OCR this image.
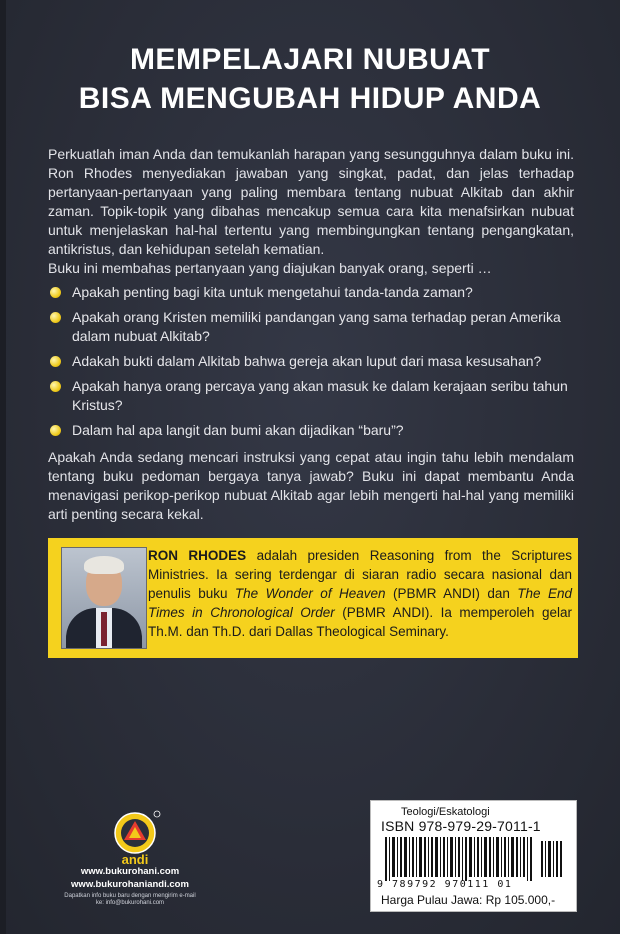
MEMPELAJARI NUBUAT
BISA MENGUBAH HIDUP ANDA
Perkuatlah iman Anda dan temukanlah harapan yang sesungguhnya dalam buku ini. Ron Rhodes menyediakan jawaban yang singkat, padat, dan jelas terhadap pertanyaan-pertanyaan yang paling membara tentang nubuat Alkitab dan akhir zaman. Topik-topik yang dibahas mencakup semua cara kita menafsirkan nubuat untuk menjelaskan hal-hal tertentu yang membingungkan tentang pengangkatan, antikristus, dan kehidupan setelah kematian.
Buku ini membahas pertanyaan yang diajukan banyak orang, seperti …
Apakah penting bagi kita untuk mengetahui tanda-tanda zaman?
Apakah orang Kristen memiliki pandangan yang sama terhadap peran Amerika dalam nubuat Alkitab?
Adakah bukti dalam Alkitab bahwa gereja akan luput dari masa kesusahan?
Apakah hanya orang percaya yang akan masuk ke dalam kerajaan seribu tahun Kristus?
Dalam hal apa langit dan bumi akan dijadikan “baru”?
Apakah Anda sedang mencari instruksi yang cepat atau ingin tahu lebih mendalam tentang buku pedoman bergaya tanya jawab? Buku ini dapat membantu Anda menavigasi perikop-perikop nubuat Alkitab agar lebih mengerti hal-hal yang memiliki arti penting secara kekal.
RON RHODES adalah presiden Reasoning from the Scriptures Ministries. Ia sering terdengar di siaran radio secara nasional dan penulis buku The Wonder of Heaven (PBMR ANDI) dan The End Times in Chronological Order (PBMR ANDI). Ia memperoleh gelar Th.M. dan Th.D. dari Dallas Theological Seminary.
andi
www.bukurohani.com
www.bukurohaniandi.com
Dapatkan info buku baru dengan mengirim e-mail ke: info@bukurohani.com
Teologi/Eskatologi
ISBN 978-979-29-7011-1
9 789792 970111 01
Harga Pulau Jawa: Rp 105.000,-
